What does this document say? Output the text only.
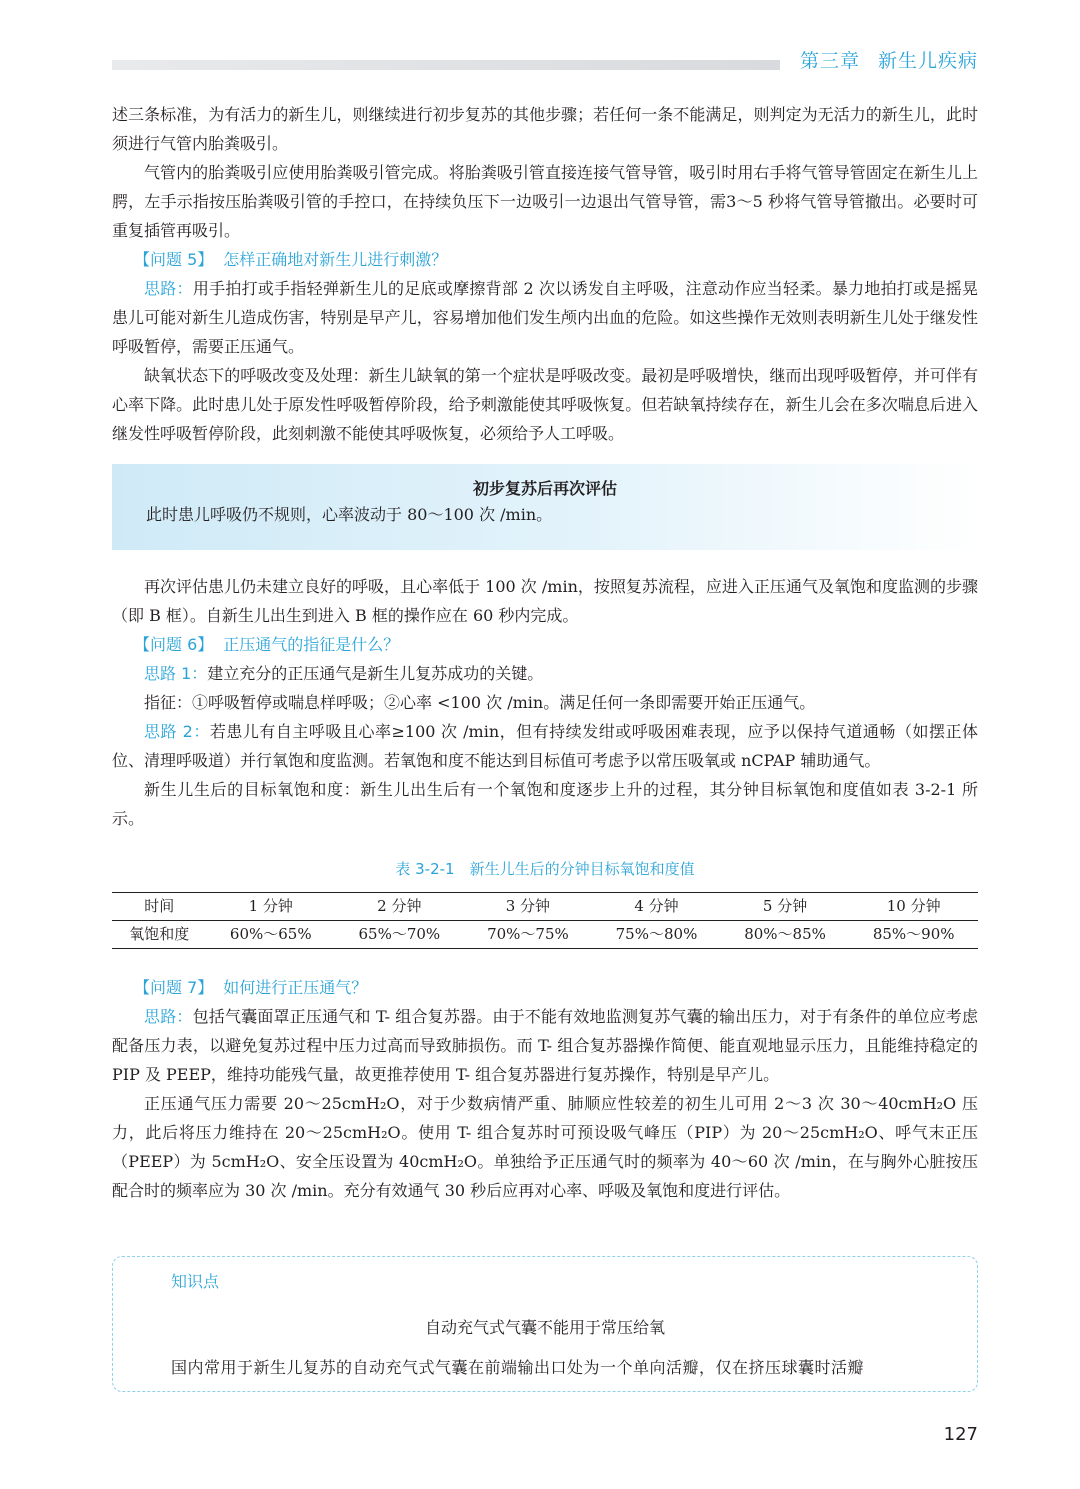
第三章 新生儿疾病

述三条标准，为有活力的新生儿，则继续进行初步复苏的其他步骤；若任何一条不能满足，则判定为无活力的新生儿，此时须进行气管内胎粪吸引。

气管内的胎粪吸引应使用胎粪吸引管完成。将胎粪吸引管直接连接气管导管，吸引时用右手将气管导管固定在新生儿上腭，左手示指按压胎粪吸引管的手控口，在持续负压下一边吸引一边退出气管导管，需3～5 秒将气管导管撤出。必要时可重复插管再吸引。

【问题 5】 怎样正确地对新生儿进行刺激？

思路：用手拍打或手指轻弹新生儿的足底或摩擦背部 2 次以诱发自主呼吸，注意动作应当轻柔。暴力地拍打或是摇晃患儿可能对新生儿造成伤害，特别是早产儿，容易增加他们发生颅内出血的危险。如这些操作无效则表明新生儿处于继发性呼吸暂停，需要正压通气。

缺氧状态下的呼吸改变及处理：新生儿缺氧的第一个症状是呼吸改变。最初是呼吸增快，继而出现呼吸暂停，并可伴有心率下降。此时患儿处于原发性呼吸暂停阶段，给予刺激能使其呼吸恢复。但若缺氧持续存在，新生儿会在多次喘息后进入继发性呼吸暂停阶段，此刻刺激不能使其呼吸恢复，必须给予人工呼吸。

初步复苏后再次评估
此时患儿呼吸仍不规则，心率波动于 80～100 次 /min。

再次评估患儿仍未建立良好的呼吸，且心率低于 100 次 /min，按照复苏流程，应进入正压通气及氧饱和度监测的步骤（即 B 框）。自新生儿出生到进入 B 框的操作应在 60 秒内完成。

【问题 6】 正压通气的指征是什么？

思路 1：建立充分的正压通气是新生儿复苏成功的关键。

指征：①呼吸暂停或喘息样呼吸；②心率 <100 次 /min。满足任何一条即需要开始正压通气。

思路 2：若患儿有自主呼吸且心率≥100 次 /min，但有持续发绀或呼吸困难表现，应予以保持气道通畅（如摆正体位、清理呼吸道）并行氧饱和度监测。若氧饱和度不能达到目标值可考虑予以常压吸氧或 nCPAP 辅助通气。

新生儿生后的目标氧饱和度：新生儿出生后有一个氧饱和度逐步上升的过程，其分钟目标氧饱和度值如表 3-2-1 所示。

表 3-2-1　新生儿生后的分钟目标氧饱和度值
时间	1 分钟	2 分钟	3 分钟	4 分钟	5 分钟	10 分钟
氧饱和度	60%～65%	65%～70%	70%～75%	75%～80%	80%～85%	85%～90%

【问题 7】 如何进行正压通气？

思路：包括气囊面罩正压通气和 T- 组合复苏器。由于不能有效地监测复苏气囊的输出压力，对于有条件的单位应考虑配备压力表，以避免复苏过程中压力过高而导致肺损伤。而 T- 组合复苏器操作简便、能直观地显示压力，且能维持稳定的 PIP 及 PEEP，维持功能残气量，故更推荐使用 T- 组合复苏器进行复苏操作，特别是早产儿。

正压通气压力需要 20～25cmH₂O，对于少数病情严重、肺顺应性较差的初生儿可用 2～3 次 30～40cmH₂O 压力，此后将压力维持在 20～25cmH₂O。使用 T- 组合复苏时可预设吸气峰压（PIP）为 20～25cmH₂O、呼气末正压（PEEP）为 5cmH₂O、安全压设置为 40cmH₂O。单独给予正压通气时的频率为 40～60 次 /min，在与胸外心脏按压配合时的频率应为 30 次 /min。充分有效通气 30 秒后应再对心率、呼吸及氧饱和度进行评估。

知识点
自动充气式气囊不能用于常压给氧
国内常用于新生儿复苏的自动充气式气囊在前端输出口处为一个单向活瓣，仅在挤压球囊时活瓣
127
